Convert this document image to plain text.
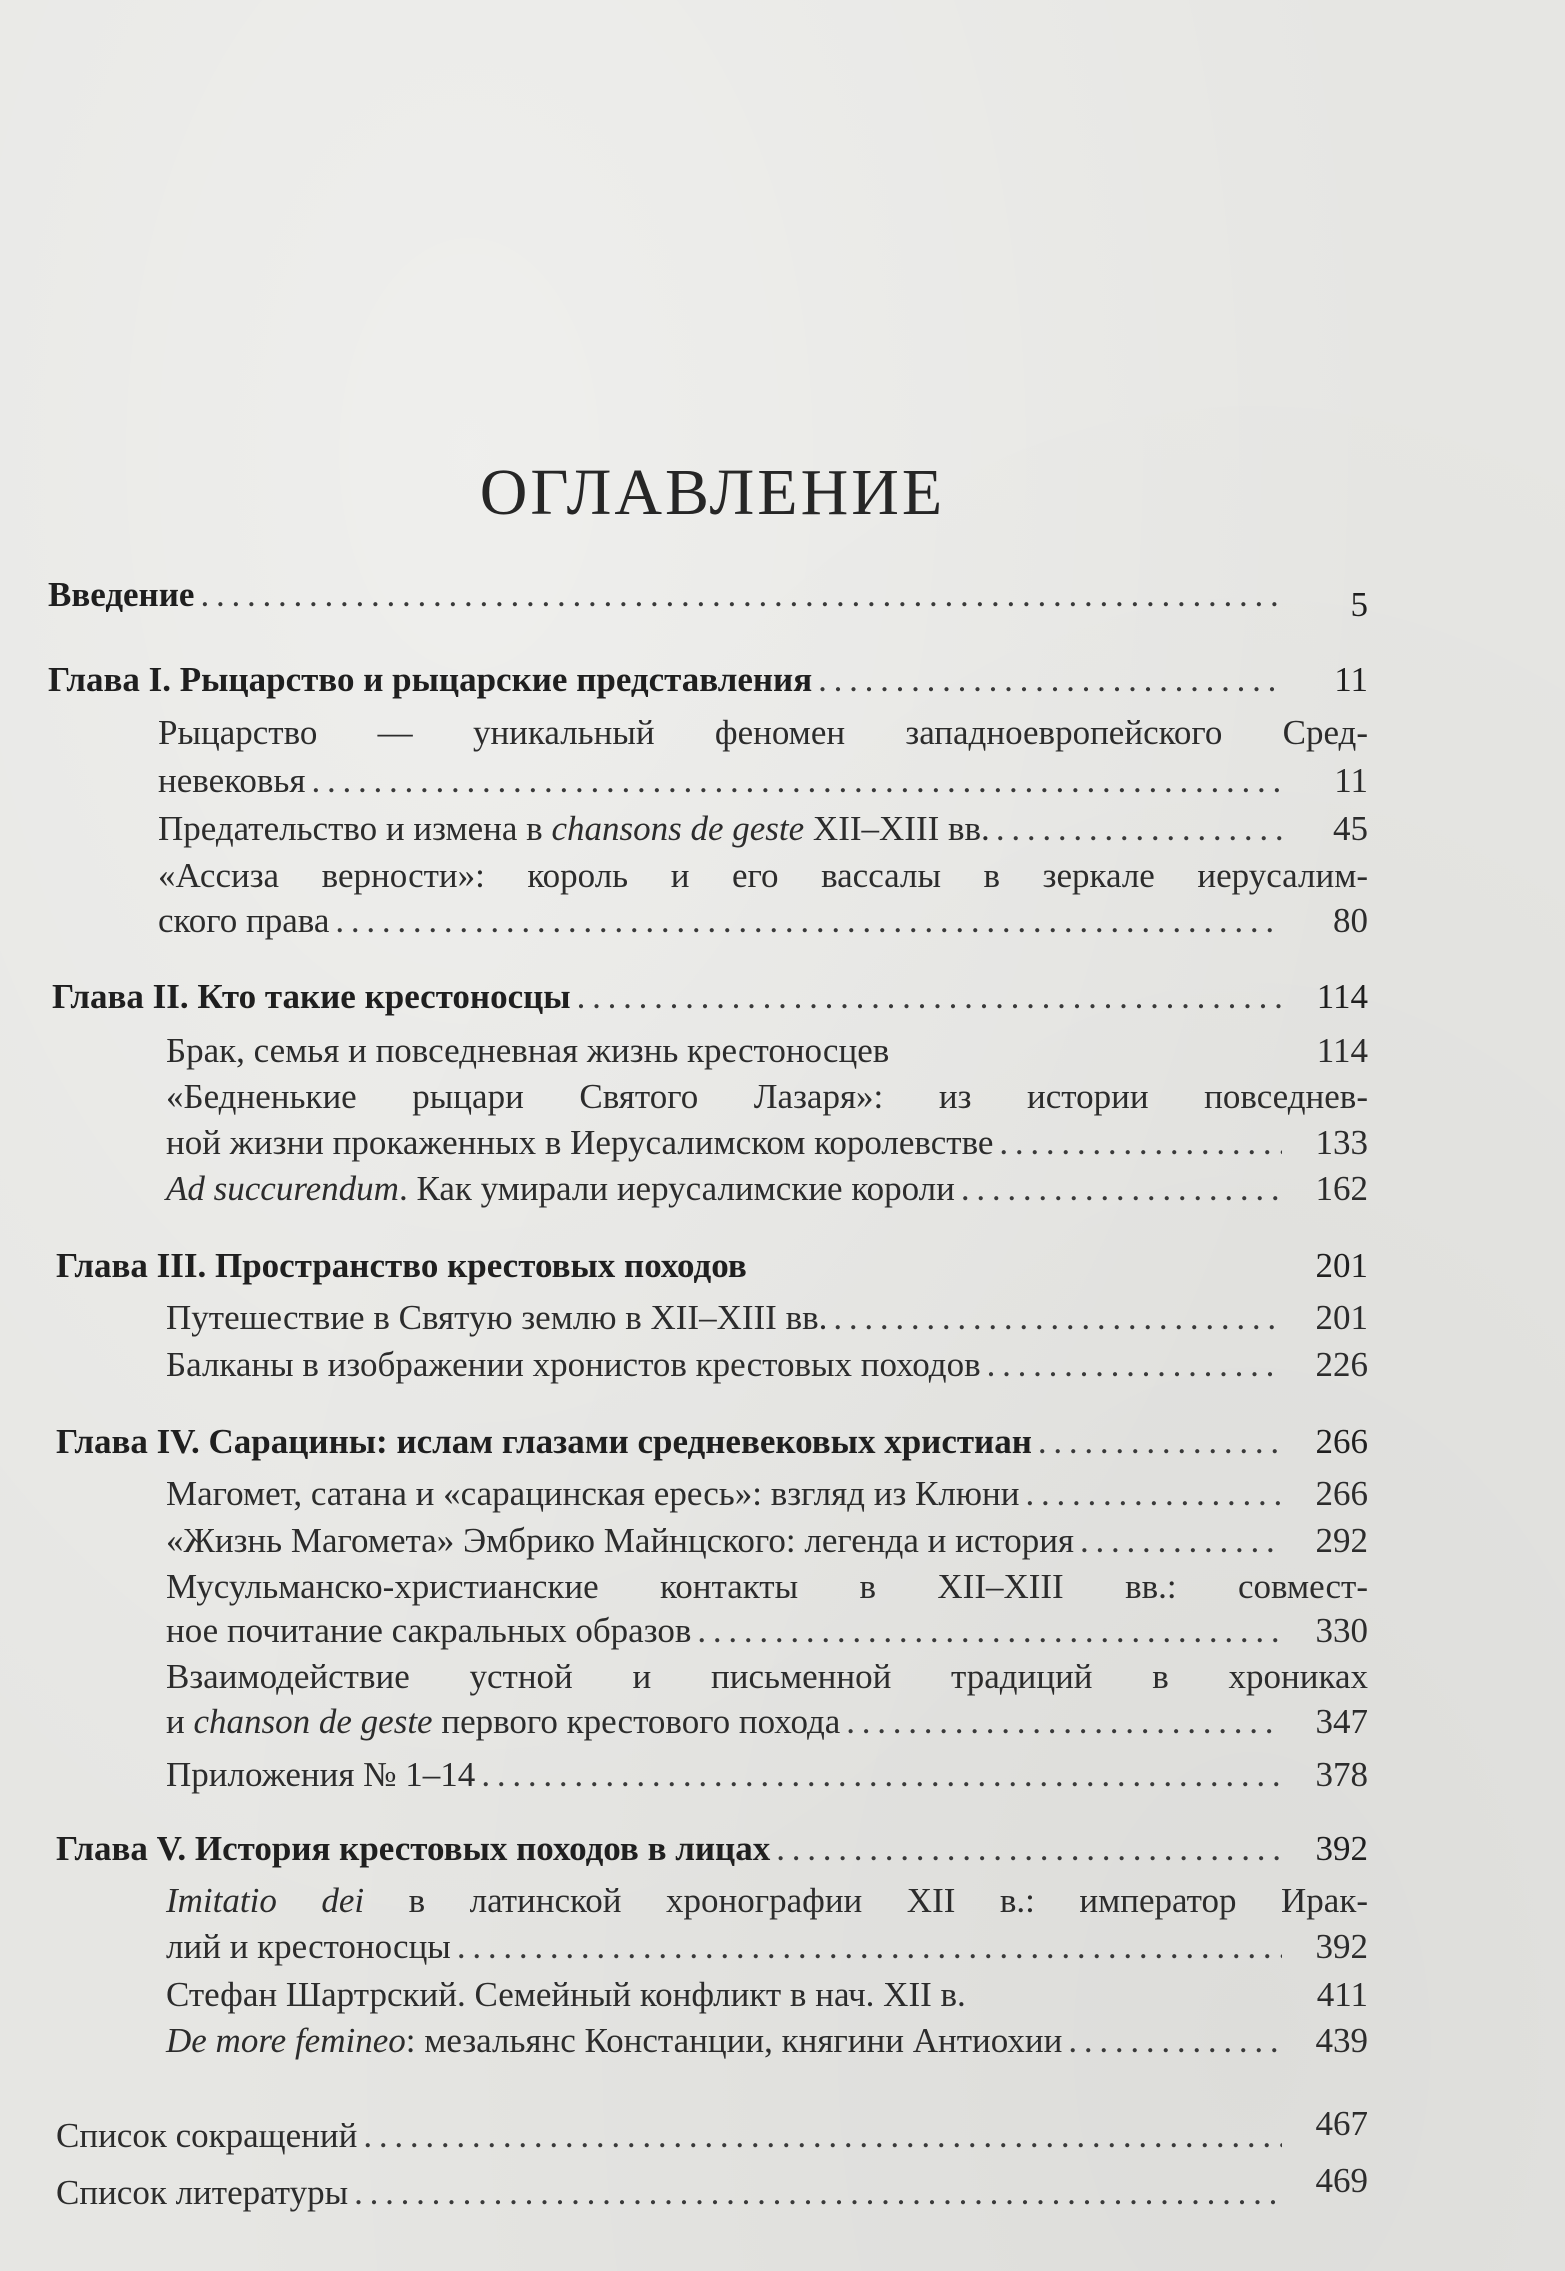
ОГЛАВЛЕНИЕ
Введение . . .	5
Глава I. Рыцарство и рыцарские представления . . .	11
Рыцарство — уникальный феномен западноевропейского Сред-
невековья . . .	11
Предательство и измена в chansons de geste XII–XIII вв. . . .	45
«Ассиза верности»: король и его вассалы в зеркале иерусалим-
ского права . . .	80
Глава II. Кто такие крестоносцы . . .	114
Брак, семья и повседневная жизнь крестоносцев	114
«Бедненькие рыцари Святого Лазаря»: из истории повседнев-
ной жизни прокаженных в Иерусалимском королевстве . . .	133
Ad succurendum. Как умирали иерусалимские короли . . .	162
Глава III. Пространство крестовых походов	201
Путешествие в Святую землю в XII–XIII вв. . . .	201
Балканы в изображении хронистов крестовых походов . . .	226
Глава IV. Сарацины: ислам глазами средневековых христиан . . .	266
Магомет, сатана и «сарацинская ересь»: взгляд из Клюни . . .	266
«Жизнь Магомета» Эмбрико Майнцского: легенда и история . . .	292
Мусульманско-христианские контакты в XII–XIII вв.: совмест-
ное почитание сакральных образов . . .	330
Взаимодействие устной и письменной традиций в хрониках
и chanson de geste первого крестового похода . . .	347
Приложения № 1–14 . . .	378
Глава V. История крестовых походов в лицах . . .	392
Imitatio dei в латинской хронографии XII в.: император Ирак-
лий и крестоносцы . . .	392
Стефан Шартрский. Семейный конфликт в нач. XII в.	411
De more femineo: мезальянс Констанции, княгини Антиохии . . .	439
Список сокращений . . .	467
Список литературы . . .	469
